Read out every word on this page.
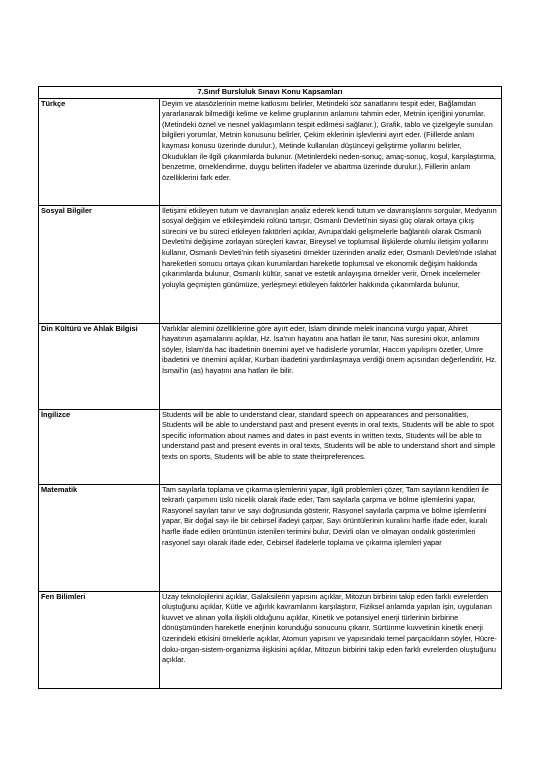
7.Sınıf Bursluluk Sınavı Konu Kapsamları	
Türkçe	Deyim ve atasözlerinin metne katkısını belirler, Metindeki söz sanatlarını tespit eder, Bağlamdan yararlanarak bilmediği kelime ve kelime gruplarının anlamını tahmin eder, Metnin içeriğini yorumlar. (Metindeki öznel ve nesnel yaklaşımların tespit edilmesi sağlanır.), Grafik, tablo ve çizelgeyle sunulan bilgileri yorumlar, Metnin konusunu belirler, Çekim eklerinin işlevlerini ayırt eder. (Fiillerde anlam kayması konusu üzerinde durulur.), Metinde kullanılan düşünceyi geliştirme yollarını belirler, Okudukları ile ilgili çıkarımlarda bulunur. (Metinlerdeki neden-sonuç, amaç-sonuç, koşul, karşılaştırma, benzetme, örneklendirme, duygu belirten ifadeler ve abartma üzerinde durulur.), Fiillerin anlam özelliklerini fark eder.
Sosyal Bilgiler	İletişimi etkileyen tutum ve davranışları analiz ederek kendi tutum ve davranışlarını sorgular, Medyanın sosyal değişim ve etkileşimdeki rolünü tartışır, Osmanlı Devleti'nin siyasi güç olarak ortaya çıkış sürecini ve bu süreci etkileyen faktörleri açıklar, Avrupa'daki gelişmelerle bağlantılı olarak Osmanlı Devleti'ni değişime zorlayan süreçleri kavrar, Bireysel ve toplumsal ilişkilerde olumlu iletişim yollarını kullanır, Osmanlı Devleti'nin fetih siyasetini örnekler üzerinden analiz eder, Osmanlı Devleti'nde ıslahat hareketleri sonucu ortaya çıkan kurumlardan hareketle toplumsal ve ekonomik değişim hakkında çıkarımlarda bulunur, Osmanlı kültür, sanat ve estetik anlayışına örnekler verir, Örnek incelemeler yoluyla geçmişten günümüze, yerleşmeyi etkileyen faktörler hakkında çıkarımlarda bulunur,
Din Kültürü ve Ahlak Bilgisi	Varlıklar alemini özelliklerine göre ayırt eder, İslam dininde melek inancına vurgu yapar, Ahiret hayatının aşamalarını açıklar, Hz. İsa'nın hayatını ana hatları ile tanır, Nas suresini okur, anlamını söyler, İslam'da hac ibadetinin önemini ayet ve hadislerle yorumlar, Haccın yapılışını özetler, Umre ibadetini ve önemini açıklar, Kurban ibadetini yardımlaşmaya verdiği önem açısından değerlendirir, Hz. İsmail'in (as) hayatını ana hatları ile bilir.
İngilizce	Students will be able to understand clear, standard speech on appearances and personalities, Students will be able to understand past and present events in oral texts, Students will be able to spot specific information about names and dates in past events in written texts, Students will be able to understand past and present events in oral texts, Students will be able to understand short and simple texts on sports, Students will be able to state theirpreferences.
Matematik	Tam sayılarla toplama ve çıkarma işlemlerini yapar, ilgili problemleri çözer, Tam sayıların kendileri ile tekrarlı çarpımını üslü nicelik olarak ifade eder, Tam sayılarla çarpma ve bölme işlemlerini yapar, Rasyonel sayıları tanır ve sayı doğrusunda gösterir, Rasyonel sayılarla çarpma ve bölme işlemlerini yapar, Bir doğal sayı ile bir cebirsel ifadeyi çarpar, Sayı örüntülerinin kuralını harfle ifade eder, kuralı harfle ifade edilen örüntünün istenilen terimini bulur, Devirli olan ve olmayan ondalık gösterimleri rasyonel sayı olarak ifade eder, Cebirsel ifadelerle toplama ve çıkarma işlemleri yapar
Fen Bilimleri	Uzay teknolojilerini açıklar, Galaksilerin yapısını açıklar, Mitozun birbirini takip eden farklı evrelerden oluştuğunu açıklar, Kütle ve ağırlık kavramlarını karşılaştırır, Fiziksel anlamda yapılan işin, uygulanan kuvvet ve alınan yolla ilişkili olduğunu açıklar, Kinetik ve potansiyel enerji türlerinin birbirine dönüşümünden hareketle enerjinin korunduğu sonucunu çıkarır, Sürtünme kuvvetinin kinetik enerji üzerindeki etkisini örneklerle açıklar, Atomun yapısını ve yapısındaki temel parçacıkların söyler, Hücre-doku-organ-sistem-organizma ilişkisini açıklar, Mitozun birbirini takip eden farklı evrelerden oluştuğunu açıklar.
